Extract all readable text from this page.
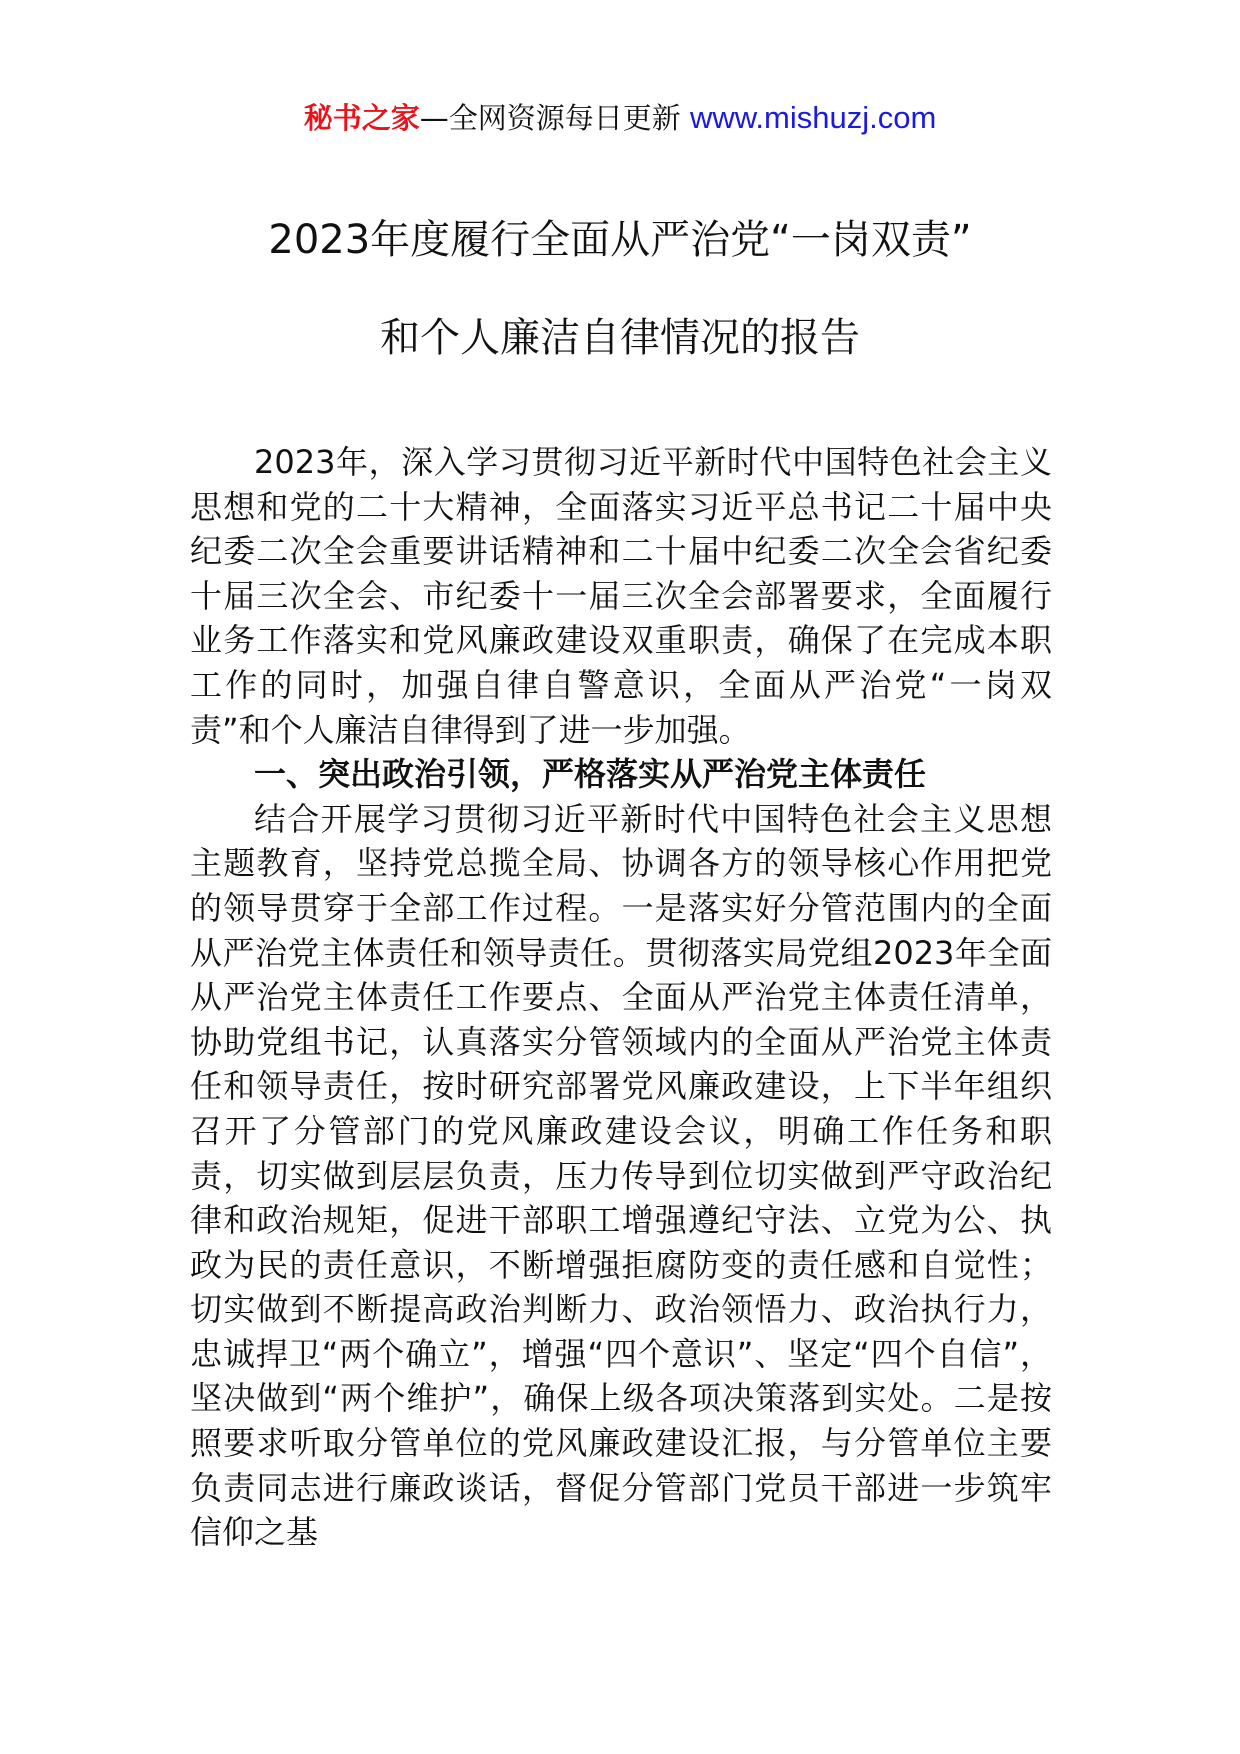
秘书之家—全网资源每日更新 www.mishuzj.com
2023年度履行全面从严治党“一岗双责”
和个人廉洁自律情况的报告

2023年，深入学习贯彻习近平新时代中国特色社会主义思想和党的二十大精神，全面落实习近平总书记二十届中央纪委二次全会重要讲话精神和二十届中纪委二次全会省纪委十届三次全会、市纪委十一届三次全会部署要求，全面履行业务工作落实和党风廉政建设双重职责，确保了在完成本职工作的同时，加强自律自警意识，全面从严治党“一岗双责”和个人廉洁自律得到了进一步加强。

一、突出政治引领，严格落实从严治党主体责任

结合开展学习贯彻习近平新时代中国特色社会主义思想主题教育，坚持党总揽全局、协调各方的领导核心作用把党的领导贯穿于全部工作过程。一是落实好分管范围内的全面从严治党主体责任和领导责任。贯彻落实局党组2023年全面从严治党主体责任工作要点、全面从严治党主体责任清单，协助党组书记，认真落实分管领域内的全面从严治党主体责任和领导责任，按时研究部署党风廉政建设，上下半年组织召开了分管部门的党风廉政建设会议，明确工作任务和职责，切实做到层层负责，压力传导到位切实做到严守政治纪律和政治规矩，促进干部职工增强遵纪守法、立党为公、执政为民的责任意识，不断增强拒腐防变的责任感和自觉性；切实做到不断提高政治判断力、政治领悟力、政治执行力，忠诚捍卫“两个确立”，增强“四个意识”、坚定“四个自信”，坚决做到“两个维护”，确保上级各项决策落到实处。二是按照要求听取分管单位的党风廉政建设汇报，与分管单位主要负责同志进行廉政谈话，督促分管部门党员干部进一步筑牢信仰之基
